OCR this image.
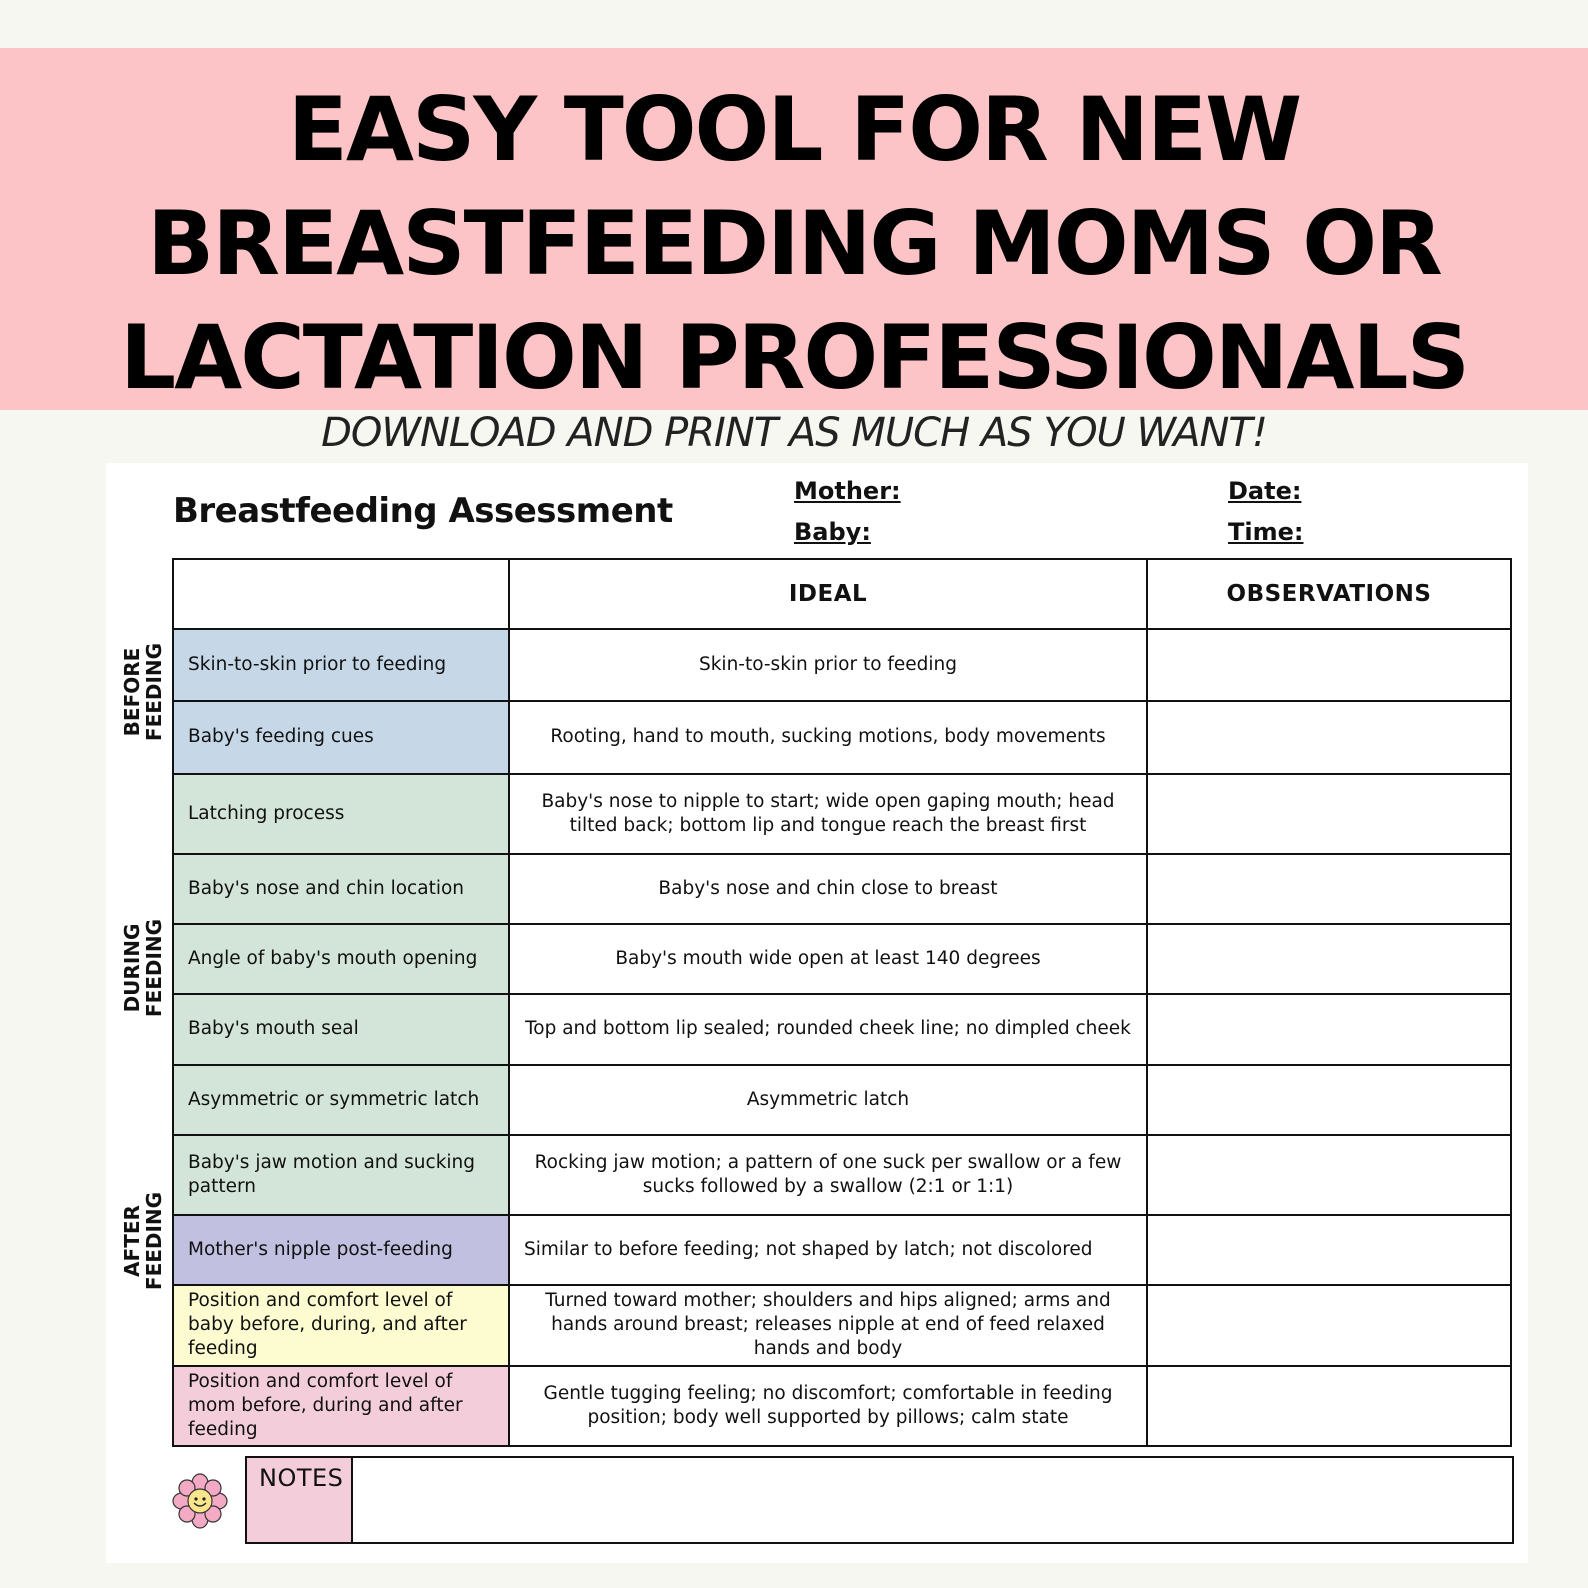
EASY TOOL FOR NEW
BREASTFEEDING MOMS OR
LACTATION PROFESSIONALS
DOWNLOAD AND PRINT AS MUCH AS YOU WANT!
Breastfeeding Assessment	Mother:
Baby:
Date:
Time:
BEFORE
FEEDING
DURING
FEEDING
AFTER
FEEDING
	IDEAL	OBSERVATIONS
Skin-to-skin prior to feeding	Skin-to-skin prior to feeding	
Baby's feeding cues	Rooting, hand to mouth, sucking motions, body movements	
Latching process	Baby's nose to nipple to start; wide open gaping mouth; head tilted back; bottom lip and tongue reach the breast first	
Baby's nose and chin location	Baby's nose and chin close to breast	
Angle of baby's mouth opening	Baby's mouth wide open at least 140 degrees	
Baby's mouth seal	Top and bottom lip sealed; rounded cheek line; no dimpled cheek	
Asymmetric or symmetric latch	Asymmetric latch	
Baby's jaw motion and sucking pattern	Rocking jaw motion; a pattern of one suck per swallow or a few sucks followed by a swallow (2:1 or 1:1)	
Mother's nipple post-feeding	Similar to before feeding; not shaped by latch; not discolored	
Position and comfort level of baby before, during, and after feeding	Turned toward mother; shoulders and hips aligned; arms and hands around breast; releases nipple at end of feed relaxed hands and body	
Position and comfort level of mom before, during and after feeding	Gentle tugging feeling; no discomfort; comfortable in feeding position; body well supported by pillows; calm state	
NOTES
